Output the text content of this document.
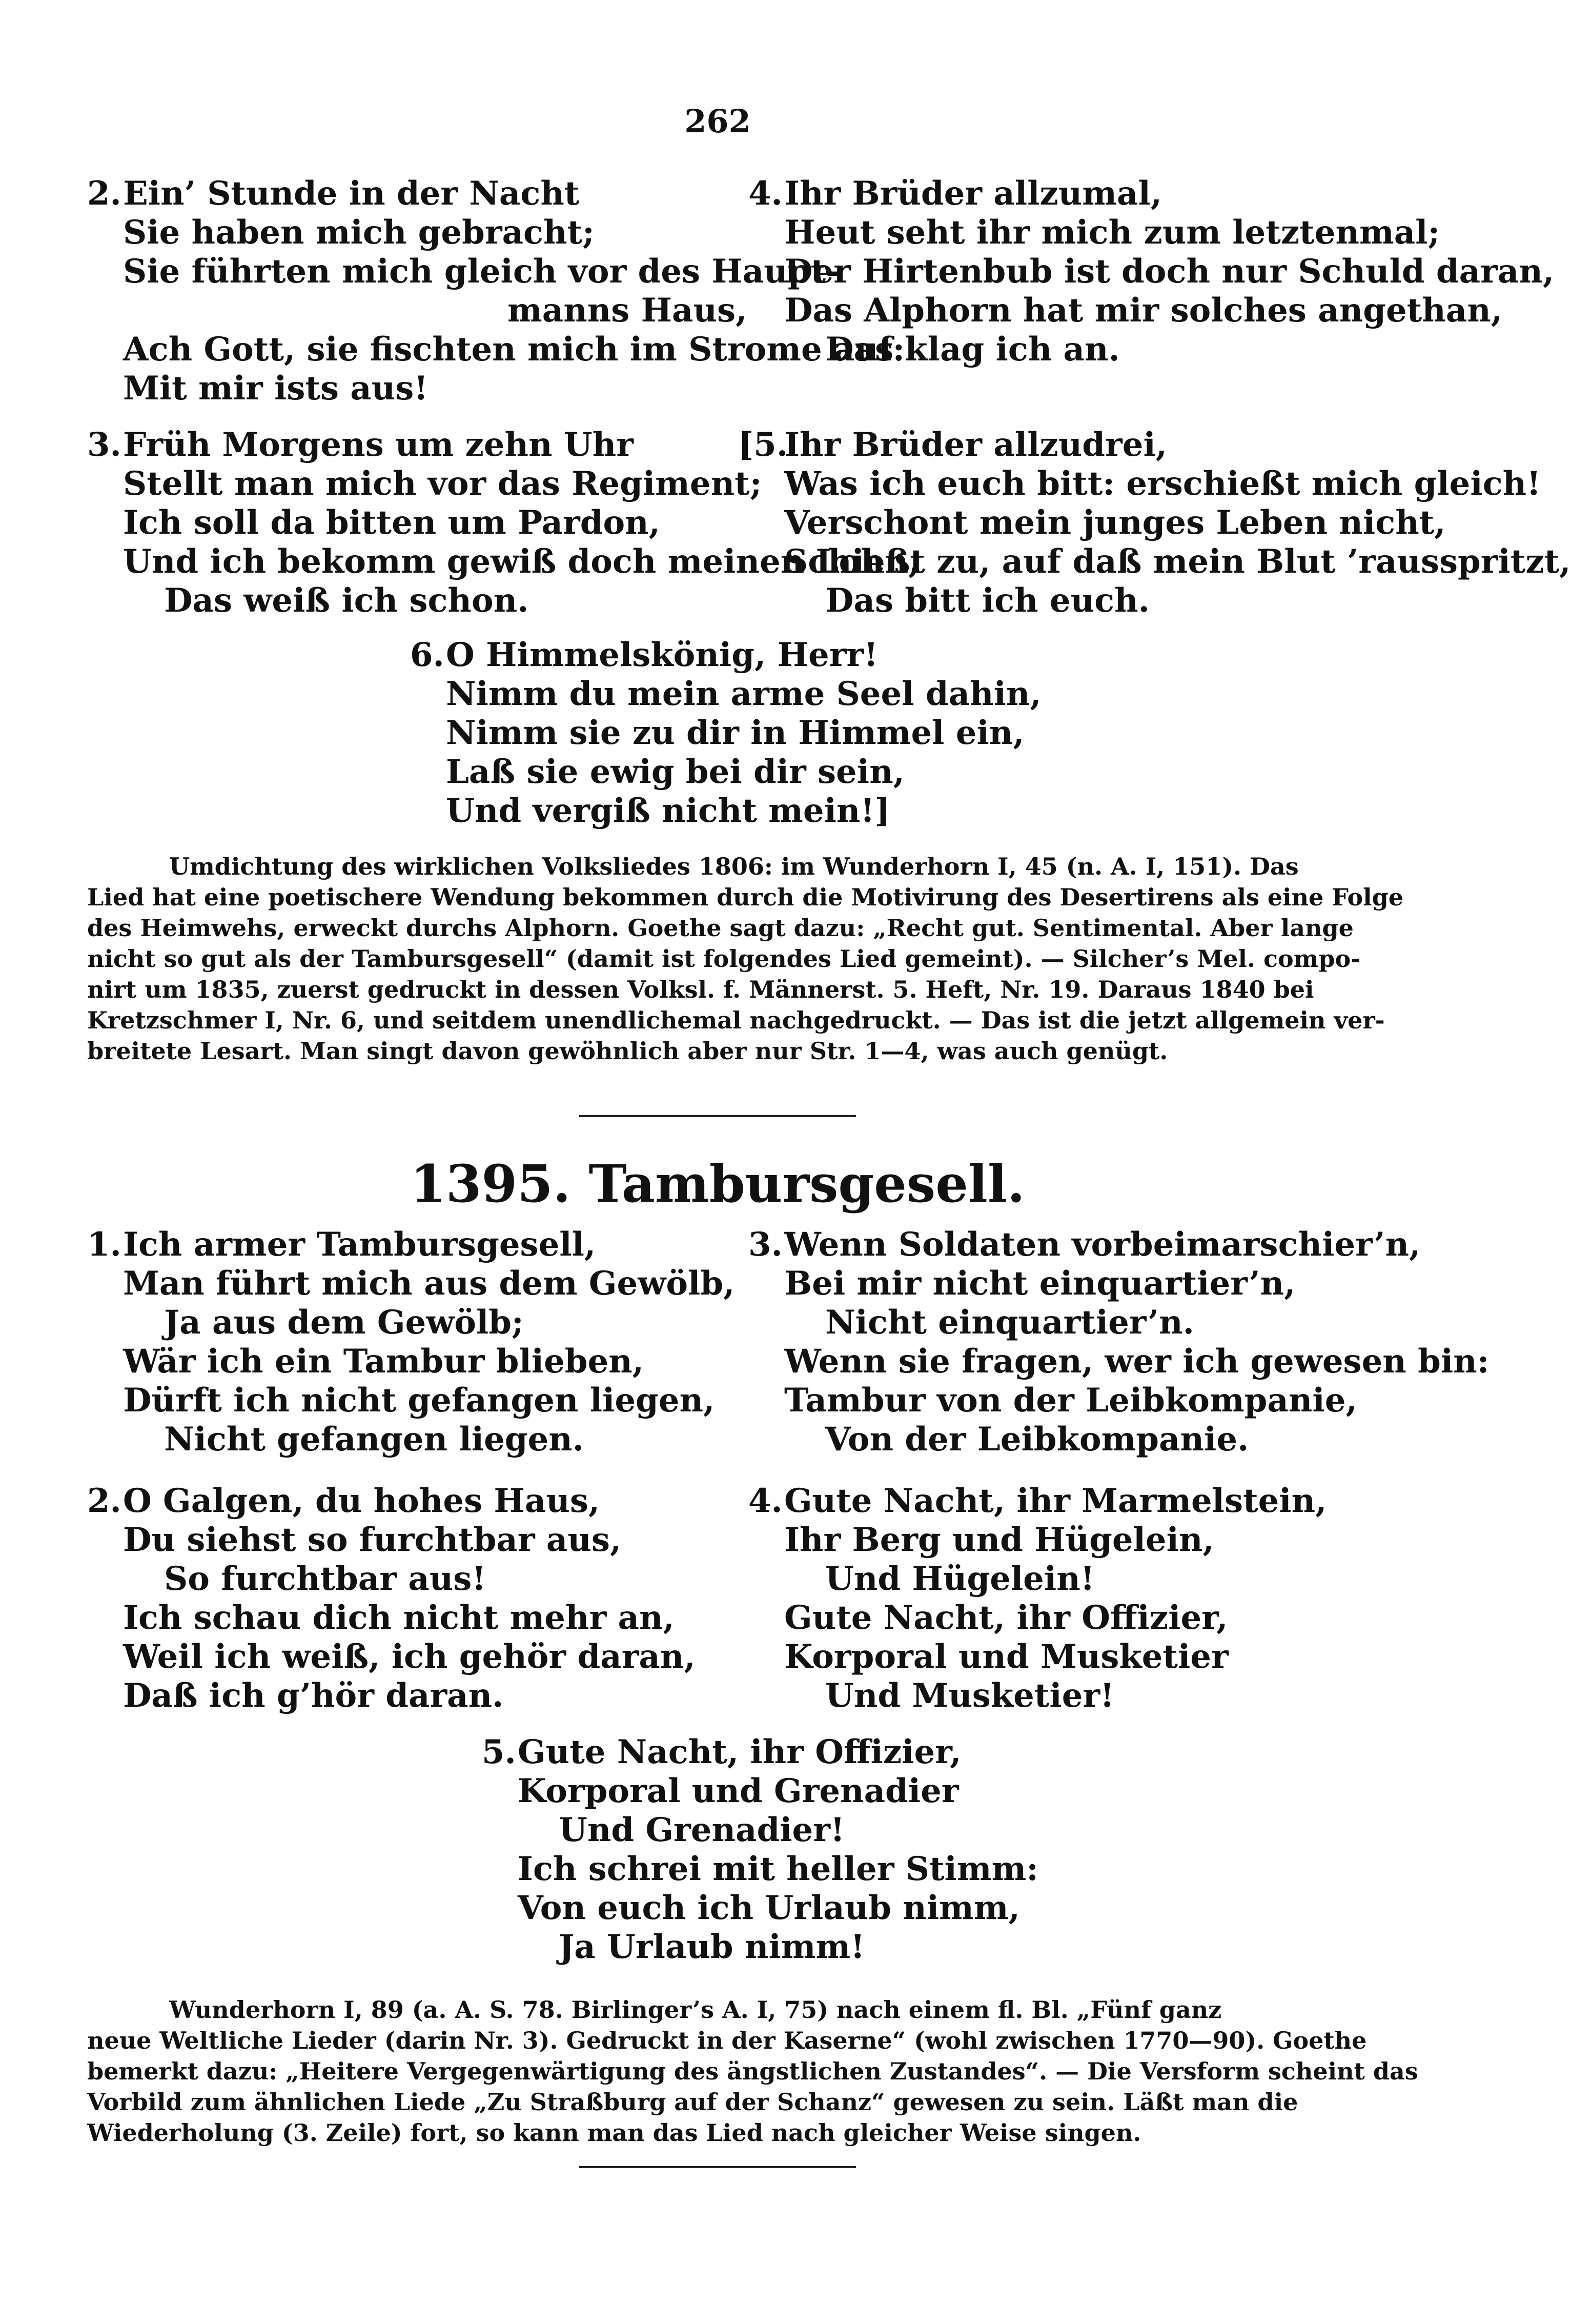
262
2.Ein’ Stunde in der Nacht
Sie haben mich gebracht;
Sie führten mich gleich vor des Haupt-
manns Haus,
Ach Gott, sie fischten mich im Strome auf:
Mit mir ists aus!
3.Früh Morgens um zehn Uhr
Stellt man mich vor das Regiment;
Ich soll da bitten um Pardon,
Und ich bekomm gewiß doch meinen Lohn,
Das weiß ich schon.
4.Ihr Brüder allzumal,
Heut seht ihr mich zum letztenmal;
Der Hirtenbub ist doch nur Schuld daran,
Das Alphorn hat mir solches angethan,
Das klag ich an.
[5.Ihr Brüder allzudrei,
Was ich euch bitt: erschießt mich gleich!
Verschont mein junges Leben nicht,
Schießt zu, auf daß mein Blut ’rausspritzt,
Das bitt ich euch.
6.O Himmelskönig, Herr!
Nimm du mein arme Seel dahin,
Nimm sie zu dir in Himmel ein,
Laß sie ewig bei dir sein,
Und vergiß nicht mein!]
Umdichtung des wirklichen Volksliedes 1806: im Wunderhorn I, 45 (n. A. I, 151). Das
Lied hat eine poetischere Wendung bekommen durch die Motivirung des Desertirens als eine Folge
des Heimwehs, erweckt durchs Alphorn. Goethe sagt dazu: „Recht gut. Sentimental. Aber lange
nicht so gut als der Tambursgesell“ (damit ist folgendes Lied gemeint). — Silcher’s Mel. compo-
nirt um 1835, zuerst gedruckt in dessen Volksl. f. Männerst. 5. Heft, Nr. 19. Daraus 1840 bei
Kretzschmer I, Nr. 6, und seitdem unendlichemal nachgedruckt. — Das ist die jetzt allgemein ver-
breitete Lesart. Man singt davon gewöhnlich aber nur Str. 1—4, was auch genügt.
1395. Tambursgesell.
1.Ich armer Tambursgesell,
Man führt mich aus dem Gewölb,
Ja aus dem Gewölb;
Wär ich ein Tambur blieben,
Dürft ich nicht gefangen liegen,
Nicht gefangen liegen.
2.O Galgen, du hohes Haus,
Du siehst so furchtbar aus,
So furchtbar aus!
Ich schau dich nicht mehr an,
Weil ich weiß, ich gehör daran,
Daß ich g’hör daran.
3.Wenn Soldaten vorbeimarschier’n,
Bei mir nicht einquartier’n,
Nicht einquartier’n.
Wenn sie fragen, wer ich gewesen bin:
Tambur von der Leibkompanie,
Von der Leibkompanie.
4.Gute Nacht, ihr Marmelstein,
Ihr Berg und Hügelein,
Und Hügelein!
Gute Nacht, ihr Offizier,
Korporal und Musketier
Und Musketier!
5.Gute Nacht, ihr Offizier,
Korporal und Grenadier
Und Grenadier!
Ich schrei mit heller Stimm:
Von euch ich Urlaub nimm,
Ja Urlaub nimm!
Wunderhorn I, 89 (a. A. S. 78. Birlinger’s A. I, 75) nach einem fl. Bl. „Fünf ganz
neue Weltliche Lieder (darin Nr. 3). Gedruckt in der Kaserne“ (wohl zwischen 1770—90). Goethe
bemerkt dazu: „Heitere Vergegenwärtigung des ängstlichen Zustandes“. — Die Versform scheint das
Vorbild zum ähnlichen Liede „Zu Straßburg auf der Schanz“ gewesen zu sein. Läßt man die
Wiederholung (3. Zeile) fort, so kann man das Lied nach gleicher Weise singen.
